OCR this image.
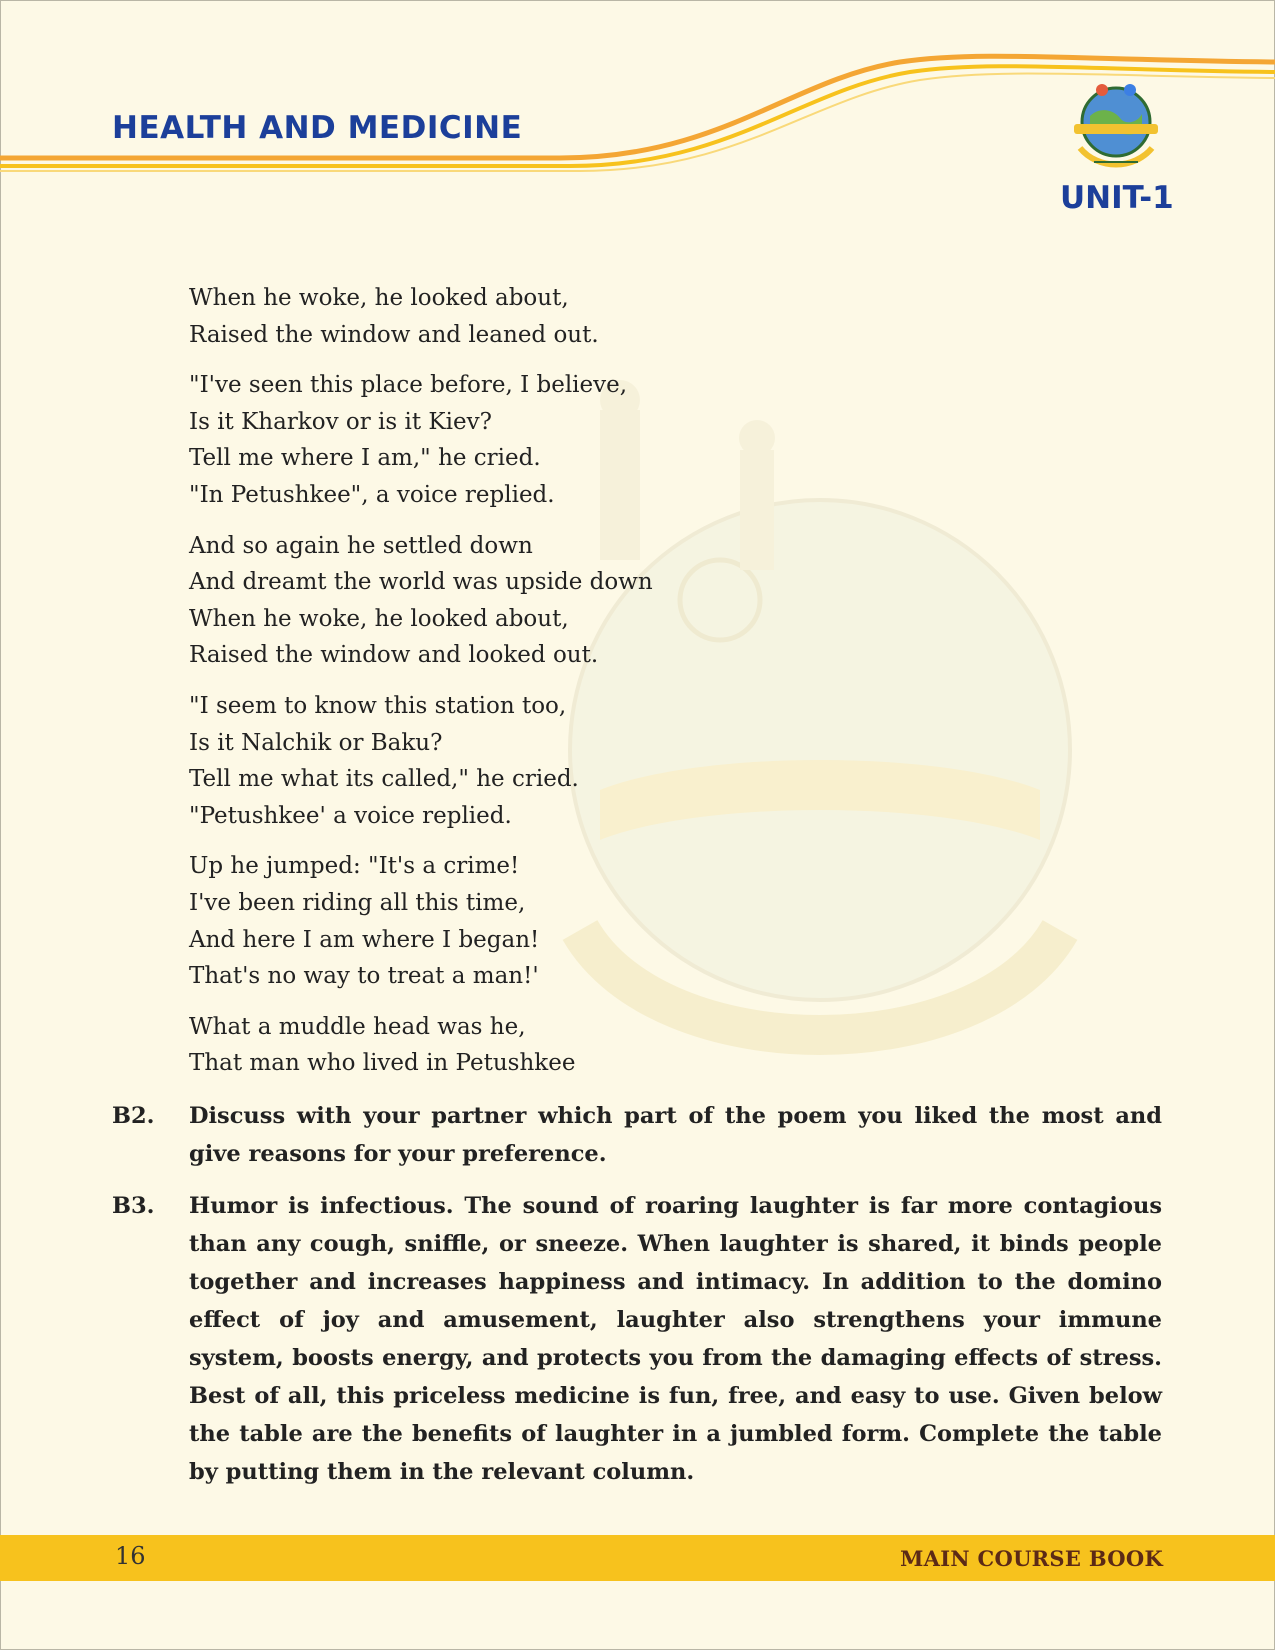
HEALTH AND MEDICINE
UNIT-1
When he woke, he looked about,
Raised the window and leaned out.
"I've seen this place before, I believe,
Is it Kharkov or is it Kiev?
Tell me where I am," he cried.
"In Petushkee", a voice replied.
And so again he settled down
And dreamt the world was upside down
When he woke, he looked about,
Raised the window and looked out.
"I seem to know this station too,
Is it Nalchik or Baku?
Tell me what its called," he cried.
"Petushkee' a voice replied.
Up he jumped: "It's a crime!
I've been riding all this time,
And here I am where I began!
That's no way to treat a man!'
What a muddle head was he,
That man who lived in Petushkee
B2. Discuss with your partner which part of the poem you liked the most and give reasons for your preference.
B3. Humor is infectious. The sound of roaring laughter is far more contagious than any cough, sniffle, or sneeze. When laughter is shared, it binds people together and increases happiness and intimacy. In addition to the domino effect of joy and amusement, laughter also strengthens your immune system, boosts energy, and protects you from the damaging effects of stress. Best of all, this priceless medicine is fun, free, and easy to use. Given below the table are the benefits of laughter in a jumbled form. Complete the table by putting them in the relevant column.
16	MAIN COURSE BOOK
